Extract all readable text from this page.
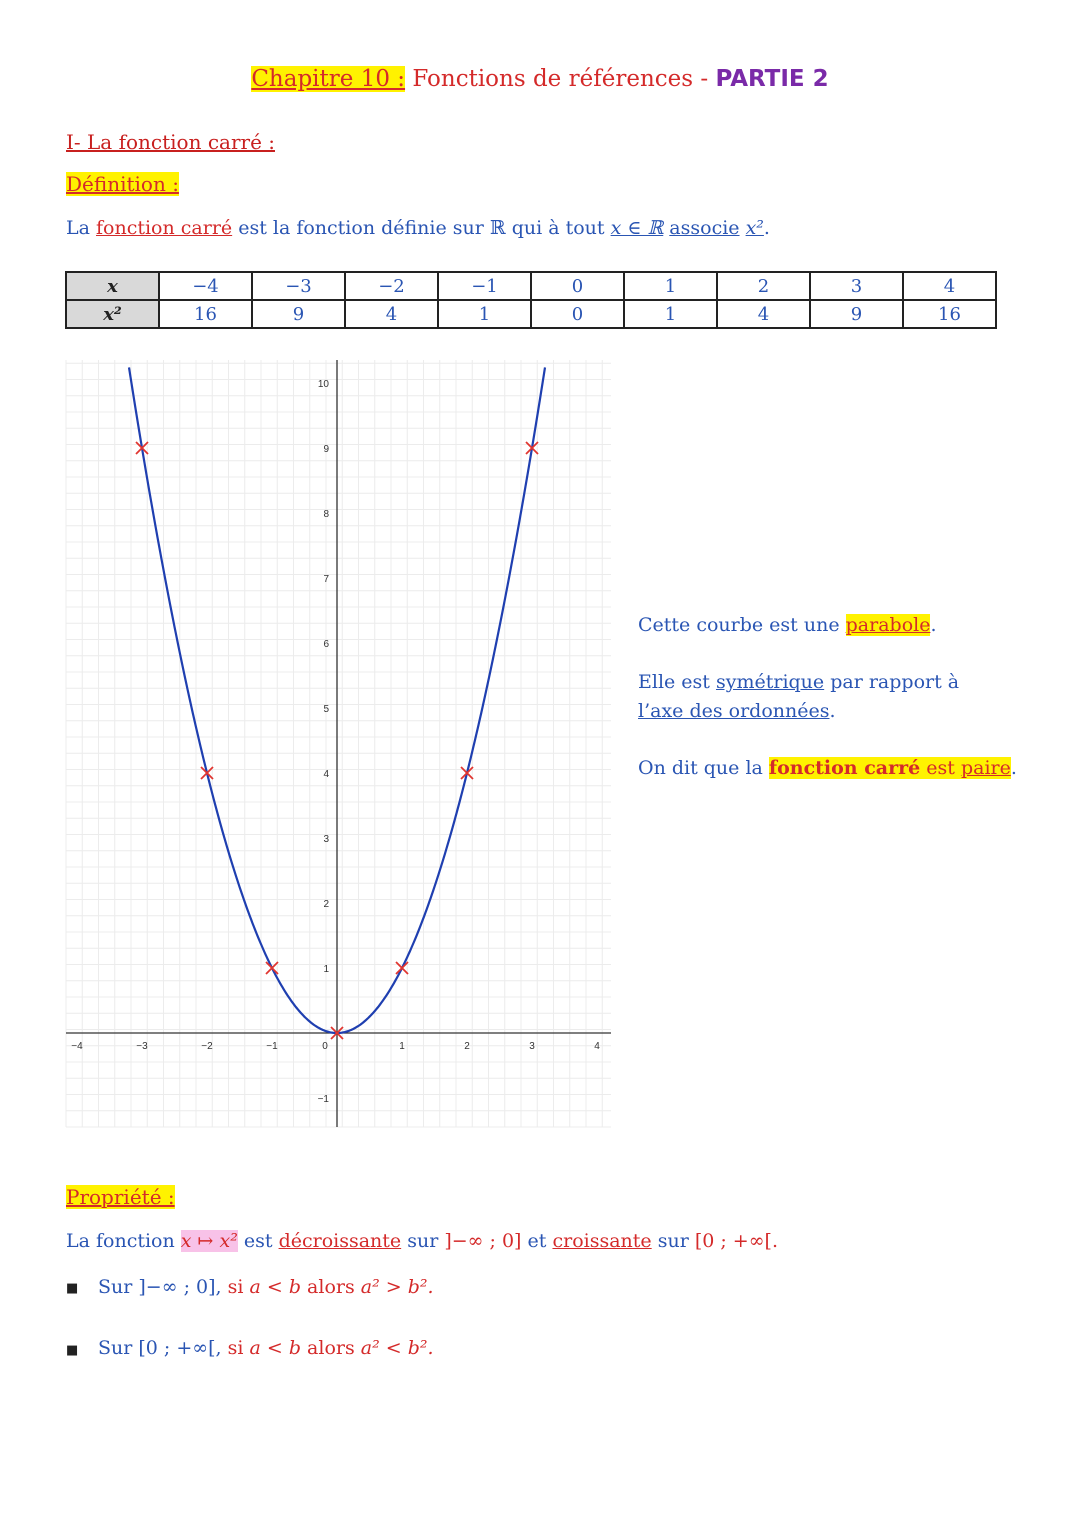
Chapitre 10 : Fonctions de références - PARTIE 2
I- La fonction carré :
Définition :
La fonction carré est la fonction définie sur ℝ qui à tout x ∈ ℝ associe x².
x	−4	−3	−2	−1	0	1	2	3	4
x²	16	9	4	1	0	1	4	9	16
−4	−3	−2	−1	0	1	2	3	4
−1
1
2
3
4
5
6
7
8
9
10
Cette courbe est une parabole.
Elle est symétrique par rapport à
l’axe des ordonnées.
On dit que la fonction carré est paire.
Propriété :
La fonction x ↦ x² est décroissante sur ]−∞ ; 0] et croissante sur [0 ; +∞[.
■ Sur ]−∞ ; 0], si a < b alors a² > b².
■ Sur [0 ; +∞[, si a < b alors a² < b².
